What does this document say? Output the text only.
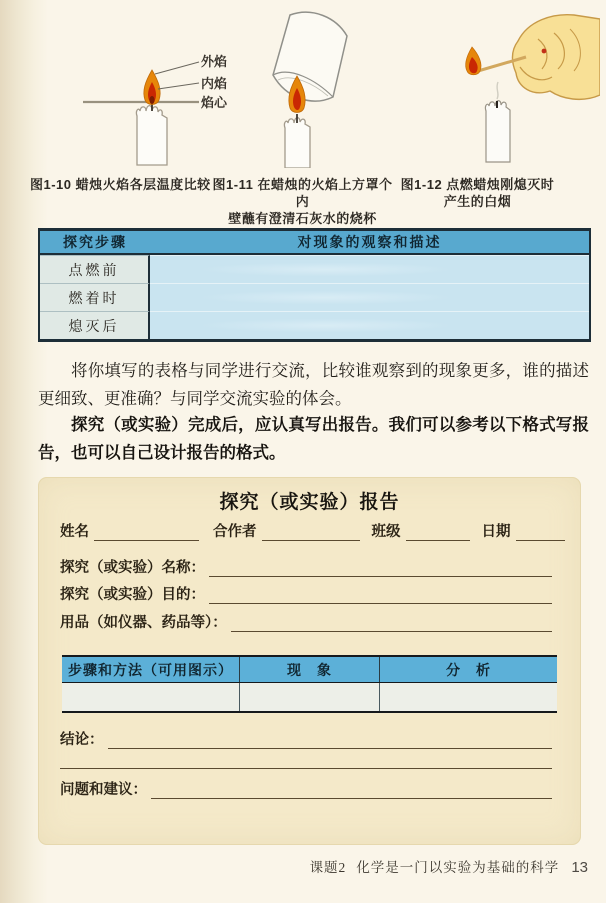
外焰
内焰
焰心
图1-10 蜡烛火焰各层温度比较 图1-11 在蜡烛的火焰上方罩个内
壁蘸有澄清石灰水的烧杯
图1-12 点燃蜡烛刚熄灭时
产生的白烟
探究步骤	对现象的观察和描述
点燃前
燃着时
熄灭后

将你填写的表格与同学进行交流，比较谁观察到的现象更多，谁的描述更细致、更准确？与同学交流实验的体会。

探究（或实验）完成后，应认真写出报告。我们可以参考以下格式写报告，也可以自己设计报告的格式。

探究（或实验）报告
姓名	合作者	班级	日期
探究（或实验）名称：
探究（或实验）目的：
用品（如仪器、药品等）：
步骤和方法（可用图示）	现　象	分　析
结论：
问题和建议：
课题2 化学是一门以实验为基础的科学 13
